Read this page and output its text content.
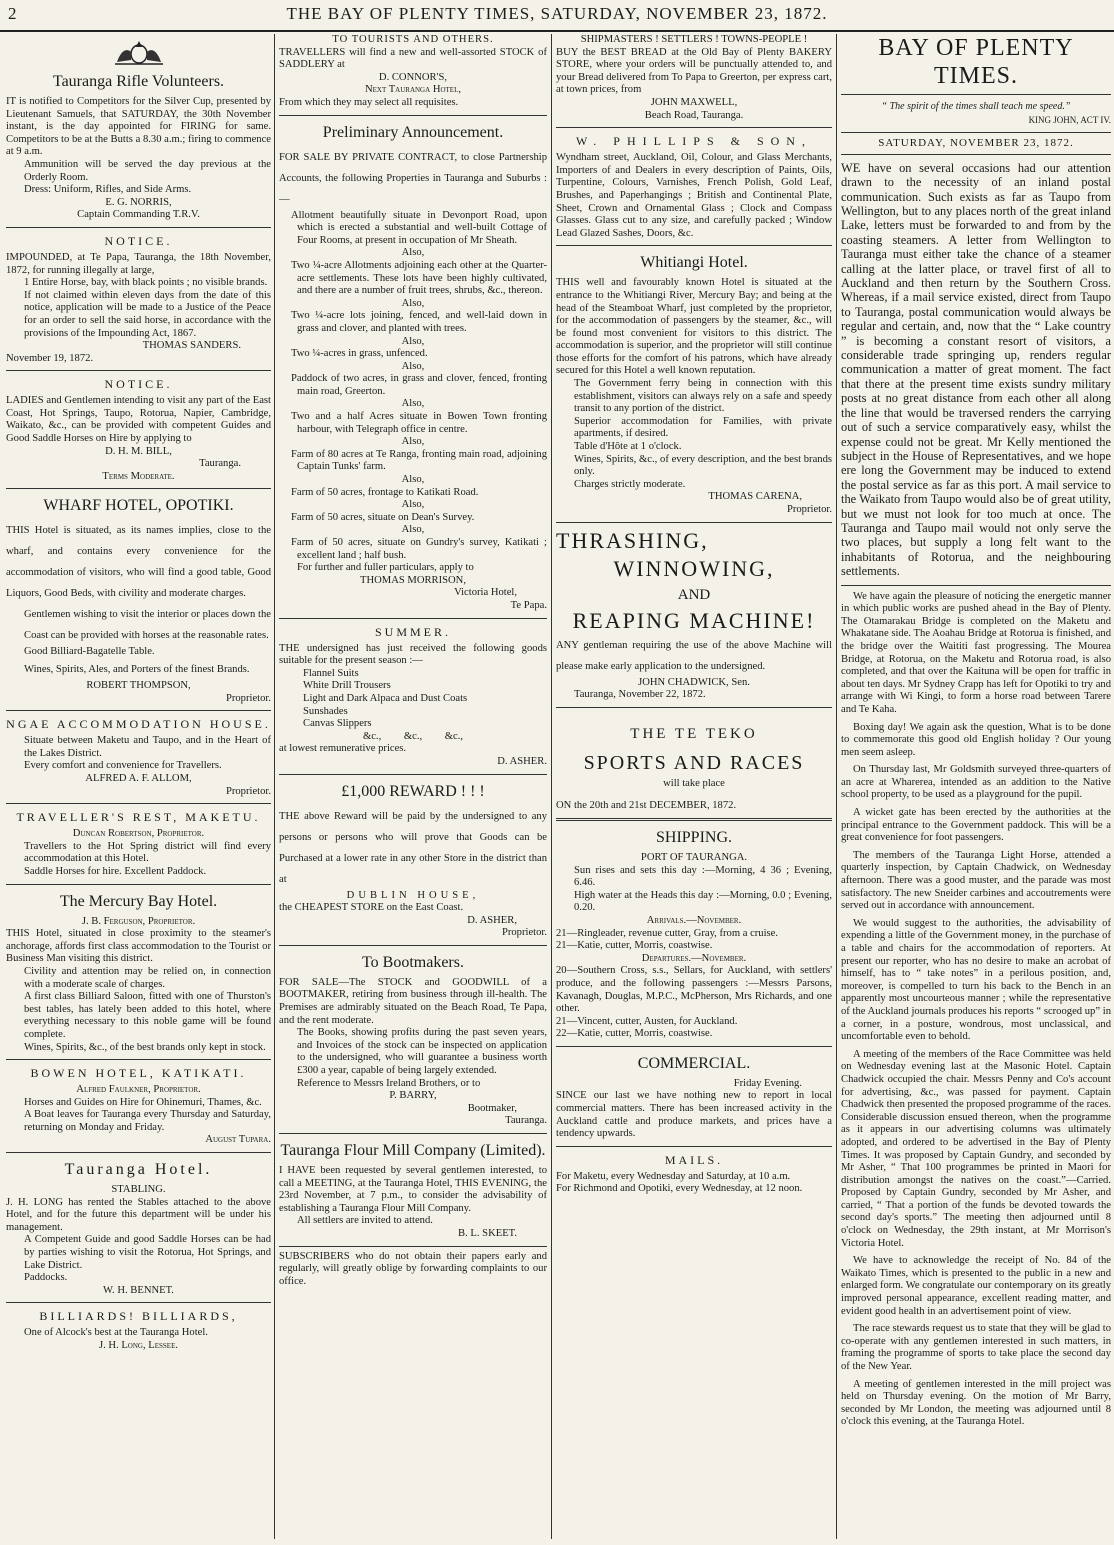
2	THE BAY OF PLENTY TIMES, SATURDAY, NOVEMBER 23, 1872.
Tauranga Rifle Volunteers.

IT is notified to Competitors for the Silver Cup, presented by Lieutenant Samuels, that SATURDAY, the 30th November instant, is the day appointed for FIRING for same. Competitors to be at the Butts a 8.30 a.m.; firing to commence at 9 a.m.

Ammunition will be served the day previous at the Orderly Room.

Dress: Uniform, Rifles, and Side Arms.

E. G. NORRIS,
Captain Commanding T.R.V.
NOTICE.

IMPOUNDED, at Te Papa, Tauranga, the 18th November, 1872, for running illegally at large,

1 Entire Horse, bay, with black points ; no visible brands.

If not claimed within eleven days from the date of this notice, application will be made to a Justice of the Peace for an order to sell the said horse, in accordance with the provisions of the Impounding Act, 1867.

THOMAS SANDERS.
November 19, 1872.
NOTICE.

LADIES and Gentlemen intending to visit any part of the East Coast, Hot Springs, Taupo, Rotorua, Napier, Cambridge, Waikato, &c., can be provided with competent Guides and Good Saddle Horses on Hire by applying to

D. H. M. BILL,
Tauranga.
Terms Moderate.
WHARF HOTEL, OPOTIKI.

THIS Hotel is situated, as its names implies, close to the wharf, and contains every convenience for the accommodation of visitors, who will find a good table, Good Liquors, Good Beds, with civility and moderate charges.

Gentlemen wishing to visit the interior or places down the Coast can be provided with horses at the reasonable rates.

Good Billiard-Bagatelle Table.

Wines, Spirits, Ales, and Porters of the finest Brands.

ROBERT THOMPSON,
Proprietor.
NGAE ACCOMMODATION HOUSE.

Situate between Maketu and Taupo, and in the Heart of the Lakes District.

Every comfort and convenience for Travellers.

ALFRED A. F. ALLOM,
Proprietor.
TRAVELLER'S REST, MAKETU.
Duncan Robertson, Proprietor.

Travellers to the Hot Spring district will find every accommodation at this Hotel.

Saddle Horses for hire. Excellent Paddock.

The Mercury Bay Hotel.
J. B. Ferguson, Proprietor.

THIS Hotel, situated in close proximity to the steamer's anchorage, affords first class accommodation to the Tourist or Business Man visiting this district.

Civility and attention may be relied on, in connection with a moderate scale of charges.

A first class Billiard Saloon, fitted with one of Thurston's best tables, has lately been added to this hotel, where everything necessary to this noble game will be found complete.

Wines, Spirits, &c., of the best brands only kept in stock.

BOWEN HOTEL, KATIKATI.
Alfred Faulkner, Proprietor.

Horses and Guides on Hire for Ohinemuri, Thames, &c.

A Boat leaves for Tauranga every Thursday and Saturday, returning on Monday and Friday.

August Tupara.
Tauranga Hotel.
STABLING.

J. H. LONG has rented the Stables attached to the above Hotel, and for the future this department will be under his management.

A Competent Guide and good Saddle Horses can be had by parties wishing to visit the Rotorua, Hot Springs, and Lake District.

Paddocks.

W. H. BENNET.
BILLIARDS! BILLIARDS,

One of Alcock's best at the Tauranga Hotel.

J. H. Long, Lessee.
TO TOURISTS AND OTHERS.

TRAVELLERS will find a new and well-assorted STOCK of SADDLERY at

D. CONNOR'S,
Next Tauranga Hotel,

From which they may select all requisites.

Preliminary Announcement.

FOR SALE BY PRIVATE CONTRACT, to close Partnership Accounts, the following Properties in Tauranga and Suburbs :—

Allotment beautifully situate in Devonport Road, upon which is erected a substantial and well-built Cottage of Four Rooms, at present in occupation of Mr Sheath.
Also,
Two ¼-acre Allotments adjoining each other at the Quarter-acre settlements. These lots have been highly cultivated, and there are a number of fruit trees, shrubs, &c., thereon.
Also,
Two ¼-acre lots joining, fenced, and well-laid down in grass and clover, and planted with trees.
Also,
Two ¼-acres in grass, unfenced.
Also,
Paddock of two acres, in grass and clover, fenced, fronting main road, Greerton.
Also,
Two and a half Acres situate in Bowen Town fronting harbour, with Telegraph office in centre.
Also,
Farm of 80 acres at Te Ranga, fronting main road, adjoining Captain Tunks' farm.
Also,
Farm of 50 acres, frontage to Katikati Road.
Also,
Farm of 50 acres, situate on Dean's Survey.
Also,
Farm of 50 acres, situate on Gundry's survey, Katikati ; excellent land ; half bush.

For further and fuller particulars, apply to

THOMAS MORRISON,
Victoria Hotel,
Te Papa.
SUMMER.

THE undersigned has just received the following goods suitable for the present season :—

Flannel Suits
White Drill Trousers
Light and Dark Alpaca and Dust Coats
Sunshades
Canvas Slippers
&c., &c., &c.,

at lowest remunerative prices.

D. ASHER.
£1,000 REWARD ! ! !

THE above Reward will be paid by the undersigned to any persons or persons who will prove that Goods can be Purchased at a lower rate in any other Store in the district than at

DUBLIN HOUSE,

the CHEAPEST STORE on the East Coast.

D. ASHER,
Proprietor.
To Bootmakers.

FOR SALE—The STOCK and GOODWILL of a BOOTMAKER, retiring from business through ill-health. The Premises are admirably situated on the Beach Road, Te Papa, and the rent moderate.

The Books, showing profits during the past seven years, and Invoices of the stock can be inspected on application to the undersigned, who will guarantee a business worth £300 a year, capable of being largely extended.

Reference to Messrs Ireland Brothers, or to

P. BARRY,
Bootmaker,
Tauranga.
Tauranga Flour Mill Company (Limited).

I HAVE been requested by several gentlemen interested, to call a MEETING, at the Tauranga Hotel, THIS EVENING, the 23rd November, at 7 p.m., to consider the advisability of establishing a Tauranga Flour Mill Company.

All settlers are invited to attend.

B. L. SKEET.

SUBSCRIBERS who do not obtain their papers early and regularly, will greatly oblige by forwarding complaints to our office.

SHIPMASTERS ! SETTLERS ! TOWNS-PEOPLE !

BUY the BEST BREAD at the Old Bay of Plenty BAKERY STORE, where your orders will be punctually attended to, and your Bread delivered from To Papa to Greerton, per express cart, at town prices, from

JOHN MAXWELL,
Beach Road, Tauranga.
W. PHILLIPS & SON,

Wyndham street, Auckland, Oil, Colour, and Glass Merchants, Importers of and Dealers in every description of Paints, Oils, Turpentine, Colours, Varnishes, French Polish, Gold Leaf, Brushes, and Paperhangings ; British and Continental Plate, Sheet, Crown and Ornamental Glass ; Clock and Compass Glasses. Glass cut to any size, and carefully packed ; Window Lead Glazed Sashes, Doors, &c.

Whitiangi Hotel.

THIS well and favourably known Hotel is situated at the entrance to the Whitiangi River, Mercury Bay; and being at the head of the Steamboat Wharf, just completed by the proprietor, for the accommodation of passengers by the steamer, &c., will be found most convenient for visitors to this district. The accommodation is superior, and the proprietor will still continue those efforts for the comfort of his patrons, which have already secured for this Hotel a well known reputation.

The Government ferry being in connection with this establishment, visitors can always rely on a safe and speedy transit to any portion of the district.

Superior accommodation for Families, with private apartments, if desired.

Table d'Hôte at 1 o'clock.

Wines, Spirits, &c., of every description, and the best brands only.

Charges strictly moderate.

THOMAS CARENA,
Proprietor.
THRASHING,
WINNOWING,
AND
REAPING MACHINE!

ANY gentleman requiring the use of the above Machine will please make early application to the undersigned.

JOHN CHADWICK, Sen.
Tauranga, November 22, 1872.
THE TE TEKO
SPORTS AND RACES
will take place

ON the 20th and 21st DECEMBER, 1872.

SHIPPING.
PORT OF TAURANGA.

Sun rises and sets this day :—Morning, 4 36 ; Evening, 6.46.

High water at the Heads this day :—Morning, 0.0 ; Evening, 0.20.

Arrivals.—November.
21—Ringleader, revenue cutter, Gray, from a cruise.
21—Katie, cutter, Morris, coastwise.
Departures.—November.
20—Southern Cross, s.s., Sellars, for Auckland, with settlers' produce, and the following passengers :—Messrs Parsons, Kavanagh, Douglas, M.P.C., McPherson, Mrs Richards, and one other.
21—Vincent, cutter, Austen, for Auckland.
22—Katie, cutter, Morris, coastwise.
COMMERCIAL.
Friday Evening.

SINCE our last we have nothing new to report in local commercial matters. There has been increased activity in the Auckland cattle and produce markets, and prices have a tendency upwards.

MAILS.

For Maketu, every Wednesday and Saturday, at 10 a.m.

For Richmond and Opotiki, every Wednesday, at 12 noon.

BAY OF PLENTY TIMES.
“ The spirit of the times shall teach me speed.”
KING JOHN, ACT IV.
SATURDAY, NOVEMBER 23, 1872.

WE have on several occasions had our attention drawn to the necessity of an inland postal communication. Such exists as far as Taupo from Wellington, but to any places north of the great inland Lake, letters must be forwarded to and from by the coasting steamers. A letter from Wellington to Tauranga must either take the chance of a steamer calling at the latter place, or travel first of all to Auckland and then return by the Southern Cross. Whereas, if a mail service existed, direct from Taupo to Tauranga, postal communication would always be regular and certain, and, now that the “ Lake country ” is becoming a constant resort of visitors, a considerable trade springing up, renders regular communication a matter of great moment. The fact that there at the present time exists sundry military posts at no great distance from each other all along the line that would be traversed renders the carrying out of such a service comparatively easy, whilst the expense could not be great. Mr Kelly mentioned the subject in the House of Representatives, and we hope ere long the Government may be induced to extend the postal service as far as this port. A mail service to the Waikato from Taupo would also be of great utility, but we must not look for too much at once. The Tauranga and Taupo mail would not only serve the two places, but supply a long felt want to the inhabitants of Rotorua, and the neighbouring settlements.

We have again the pleasure of noticing the energetic manner in which public works are pushed ahead in the Bay of Plenty. The Otamarakau Bridge is completed on the Maketu and Whakatane side. The Aoahau Bridge at Rotorua is finished, and the bridge over the Waititi fast progressing. The Mourea Bridge, at Rotorua, on the Maketu and Rotorua road, is also completed, and that over the Kaituna will be open for traffic in about ten days. Mr Sydney Crapp has left for Opotiki to try and arrange with Wi Kingi, to form a horse road between Tarere and Te Kaha.

Boxing day! We again ask the question, What is to be done to commemorate this good old English holiday ? Our young men seem asleep.

On Thursday last, Mr Goldsmith surveyed three-quarters of an acre at Wharerea, intended as an addition to the Native school property, to be used as a playground for the pupil.

A wicket gate has been erected by the authorities at the principal entrance to the Government paddock. This will be a great convenience for foot passengers.

The members of the Tauranga Light Horse, attended a quarterly inspection, by Captain Chadwick, on Wednesday afternoon. There was a good muster, and the parade was most satisfactory. The new Sneider carbines and accoutrements were served out in accordance with announcement.

We would suggest to the authorities, the advisability of expending a little of the Government money, in the purchase of a table and chairs for the accommodation of reporters. At present our reporter, who has no desire to make an acrobat of himself, has to “ take notes” in a perilous position, and, moreover, is compelled to turn his back to the Bench in an apparently most uncourteous manner ; while the representative of the Auckland journals produces his reports “ scrooged up” in a corner, in a posture, wondrous, most unclassical, and uncomfortable even to behold.

A meeting of the members of the Race Committee was held on Wednesday evening last at the Masonic Hotel. Captain Chadwick occupied the chair. Messrs Penny and Co's account for advertising, &c., was passed for payment. Captain Chadwick then presented the proposed programme of the races. Considerable discussion ensued thereon, when the programme as it appears in our advertising columns was ultimately adopted, and ordered to be advertised in the Bay of Plenty Times. It was proposed by Captain Gundry, and seconded by Mr Asher, “ That 100 programmes be printed in Maori for distribution amongst the natives on the coast.”—Carried. Proposed by Captain Gundry, seconded by Mr Asher, and carried, “ That a portion of the funds be devoted towards the second day's sports.” The meeting then adjourned until 8 o'clock on Wednesday, the 29th instant, at Mr Morrison's Victoria Hotel.

We have to acknowledge the receipt of No. 84 of the Waikato Times, which is presented to the public in a new and enlarged form. We congratulate our contemporary on its greatly improved personal appearance, excellent reading matter, and evident good health in an advertisement point of view.

The race stewards request us to state that they will be glad to co-operate with any gentlemen interested in such matters, in framing the programme of sports to take place the second day of the New Year.

A meeting of gentlemen interested in the mill project was held on Thursday evening. On the motion of Mr Barry, seconded by Mr London, the meeting was adjourned until 8 o'clock this evening, at the Tauranga Hotel.
